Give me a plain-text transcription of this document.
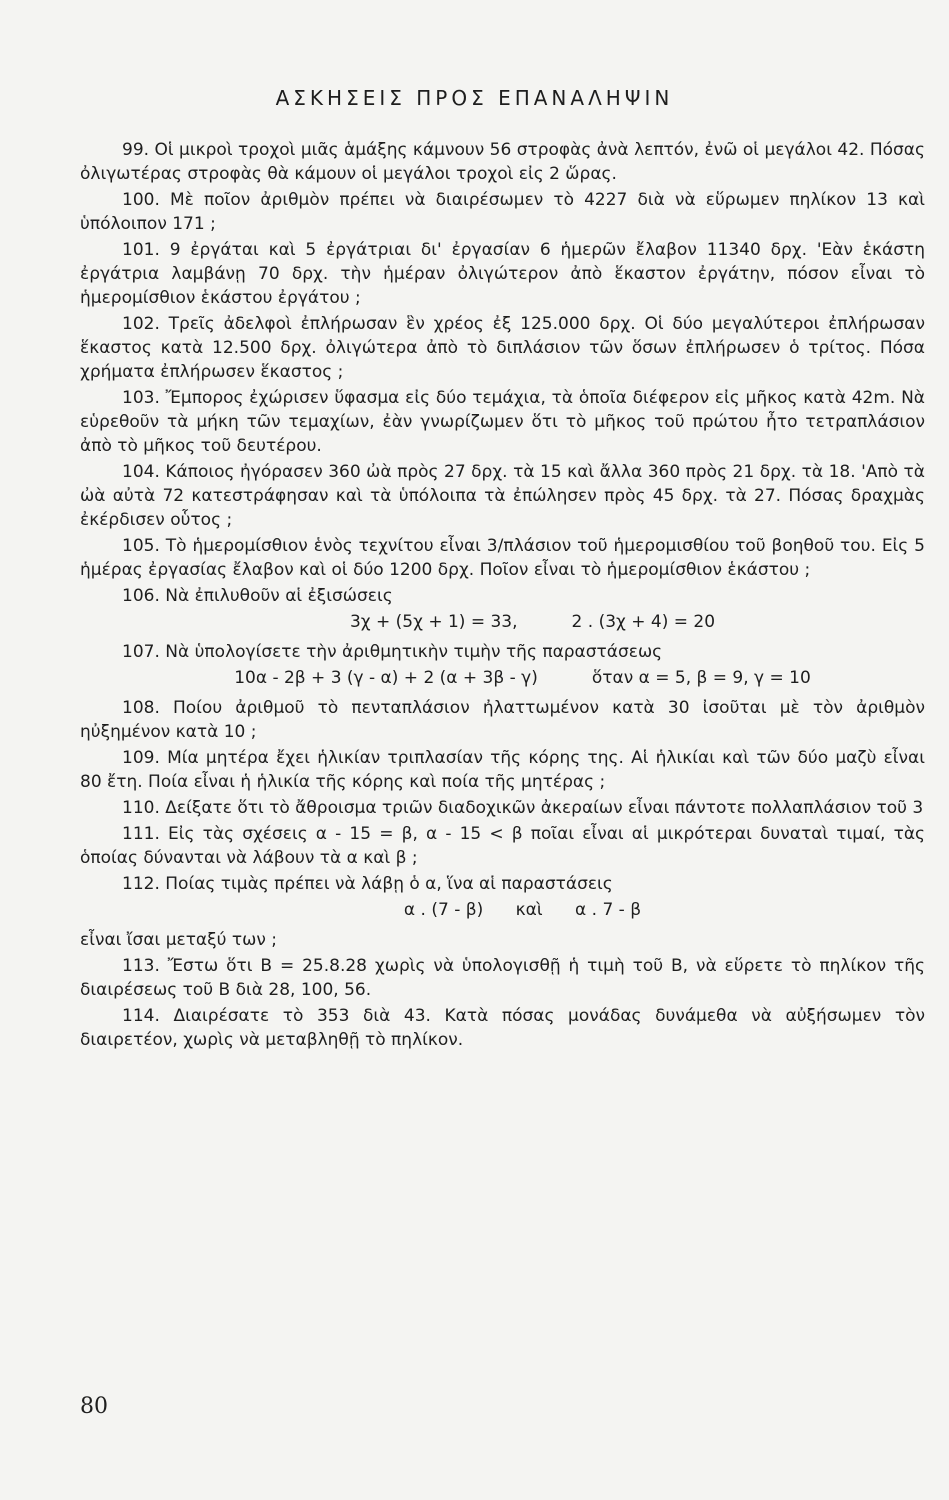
ΑΣΚΗΣΕΙΣ ΠΡΟΣ ΕΠΑΝΑΛΗΨΙΝ

99. Οἱ μικροὶ τροχοὶ μιᾶς ἁμάξης κάμνουν 56 στροφὰς ἀνὰ λεπτόν, ἐνῶ οἱ μεγάλοι 42. Πόσας ὀλιγωτέρας στροφὰς θὰ κάμουν οἱ μεγάλοι τροχοὶ εἰς 2 ὥρας.

100. Μὲ ποῖον ἀριθμὸν πρέπει νὰ διαιρέσωμεν τὸ 4227 διὰ νὰ εὕρωμεν πηλίκον 13 καὶ ὑπόλοιπον 171 ;

101. 9 ἐργάται καὶ 5 ἐργάτριαι δι' ἐργασίαν 6 ἡμερῶν ἔλαβον 11340 δρχ. 'Εὰν ἑκάστη ἐργάτρια λαμβάνῃ 70 δρχ. τὴν ἡμέραν ὀλιγώτερον ἀπὸ ἕκαστον ἐργάτην, πόσον εἶναι τὸ ἡμερομίσθιον ἑκάστου ἐργάτου ;

102. Τρεῖς ἀδελφοὶ ἐπλήρωσαν ἓν χρέος ἐξ 125.000 δρχ. Οἱ δύο μεγαλύτεροι ἐπλήρωσαν ἕκαστος κατὰ 12.500 δρχ. ὀλιγώτερα ἀπὸ τὸ διπλάσιον τῶν ὅσων ἐπλήρωσεν ὁ τρίτος. Πόσα χρήματα ἐπλήρωσεν ἕκαστος ;

103. Ἔμπορος ἐχώρισεν ὕφασμα εἰς δύο τεμάχια, τὰ ὁποῖα διέφερον εἰς μῆκος κατὰ 42m. Νὰ εὑρεθοῦν τὰ μήκη τῶν τεμαχίων, ἐὰν γνωρίζωμεν ὅτι τὸ μῆκος τοῦ πρώτου ἦτο τετραπλάσιον ἀπὸ τὸ μῆκος τοῦ δευτέρου.

104. Κάποιος ἠγόρασεν 360 ὠὰ πρὸς 27 δρχ. τὰ 15 καὶ ἄλλα 360 πρὸς 21 δρχ. τὰ 18. 'Απὸ τὰ ὠὰ αὐτὰ 72 κατεστράφησαν καὶ τὰ ὑπόλοιπα τὰ ἐπώλησεν πρὸς 45 δρχ. τὰ 27. Πόσας δραχμὰς ἐκέρδισεν οὗτος ;

105. Τὸ ἡμερομίσθιον ἑνὸς τεχνίτου εἶναι 3/πλάσιον τοῦ ἡμερομισθίου τοῦ βοηθοῦ του. Εἰς 5 ἡμέρας ἐργασίας ἔλαβον καὶ οἱ δύο 1200 δρχ. Ποῖον εἶναι τὸ ἡμερομίσθιον ἑκάστου ;

106. Νὰ ἐπιλυθοῦν αἱ ἐξισώσεις

3χ + (5χ + 1) = 33,          2 . (3χ + 4) = 20

107. Νὰ ὑπολογίσετε τὴν ἀριθμητικὴν τιμὴν τῆς παραστάσεως

10α - 2β + 3 (γ - α) + 2 (α + 3β - γ)          ὅταν α = 5, β = 9, γ = 10

108. Ποίου ἀριθμοῦ τὸ πενταπλάσιον ἠλαττωμένον κατὰ 30 ἰσοῦται μὲ τὸν ἀριθμὸν ηὐξημένον κατὰ 10 ;

109. Μία μητέρα ἔχει ἡλικίαν τριπλασίαν τῆς κόρης της. Αἱ ἡλικίαι καὶ τῶν δύο μαζὺ εἶναι 80 ἔτη. Ποία εἶναι ἡ ἡλικία τῆς κόρης καὶ ποία τῆς μητέρας ;

110. Δείξατε ὅτι τὸ ἄθροισμα τριῶν διαδοχικῶν ἀκεραίων εἶναι πάντοτε πολλαπλάσιον τοῦ 3

111. Εἰς τὰς σχέσεις α - 15 = β, α - 15 < β ποῖαι εἶναι αἱ μικρότεραι δυναταὶ τιμαί, τὰς ὁποίας δύνανται νὰ λάβουν τὰ α καὶ β ;

112. Ποίας τιμὰς πρέπει νὰ λάβῃ ὁ α, ἵνα αἱ παραστάσεις

α . (7 - β)      καὶ      α . 7 - β

εἶναι ἴσαι μεταξύ των ;

113. Ἔστω ὅτι Β = 25.8.28 χωρὶς νὰ ὑπολογισθῇ ἡ τιμὴ τοῦ Β, νὰ εὕρετε τὸ πηλίκον τῆς διαιρέσεως τοῦ Β διὰ 28, 100, 56.

114. Διαιρέσατε τὸ 353 διὰ 43. Κατὰ πόσας μονάδας δυνάμεθα νὰ αὐξήσωμεν τὸν διαιρετέον, χωρὶς νὰ μεταβληθῇ τὸ πηλίκον.

80
